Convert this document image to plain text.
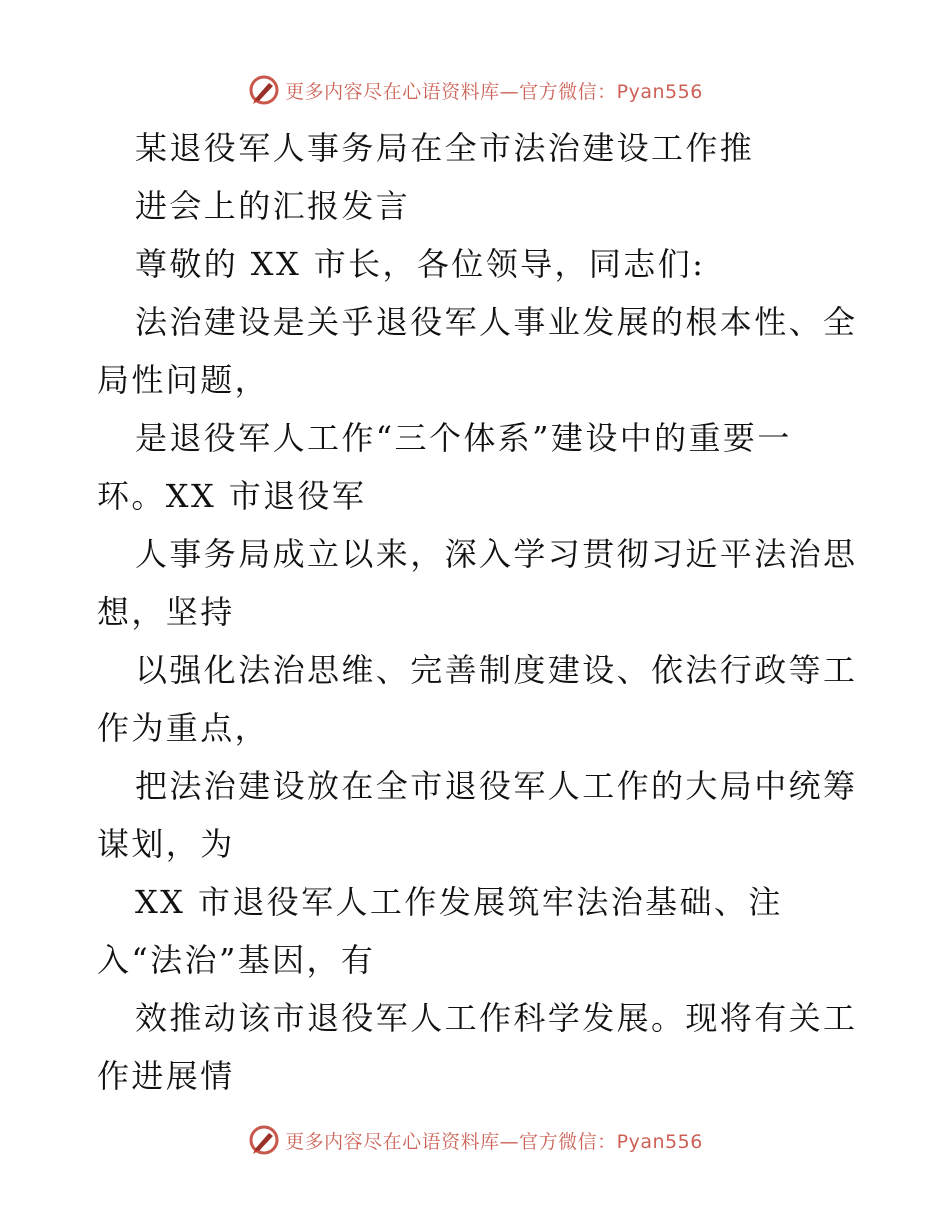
更多内容尽在心语资料库—官方微信：Pyan556
某退役军人事务局在全市法治建设工作推
进会上的汇报发言
尊敬的 XX 市长，各位领导，同志们:
法治建设是关乎退役军人事业发展的根本性、全
局性问题，
是退役军人工作“三个体系”建设中的重要一
环。XX 市退役军
人事务局成立以来，深入学习贯彻习近平法治思
想，坚持
以强化法治思维、完善制度建设、依法行政等工
作为重点，
把法治建设放在全市退役军人工作的大局中统筹
谋划，为
XX 市退役军人工作发展筑牢法治基础、注
入“法治”基因，有
效推动该市退役军人工作科学发展。现将有关工
作进展情
更多内容尽在心语资料库—官方微信：Pyan556
